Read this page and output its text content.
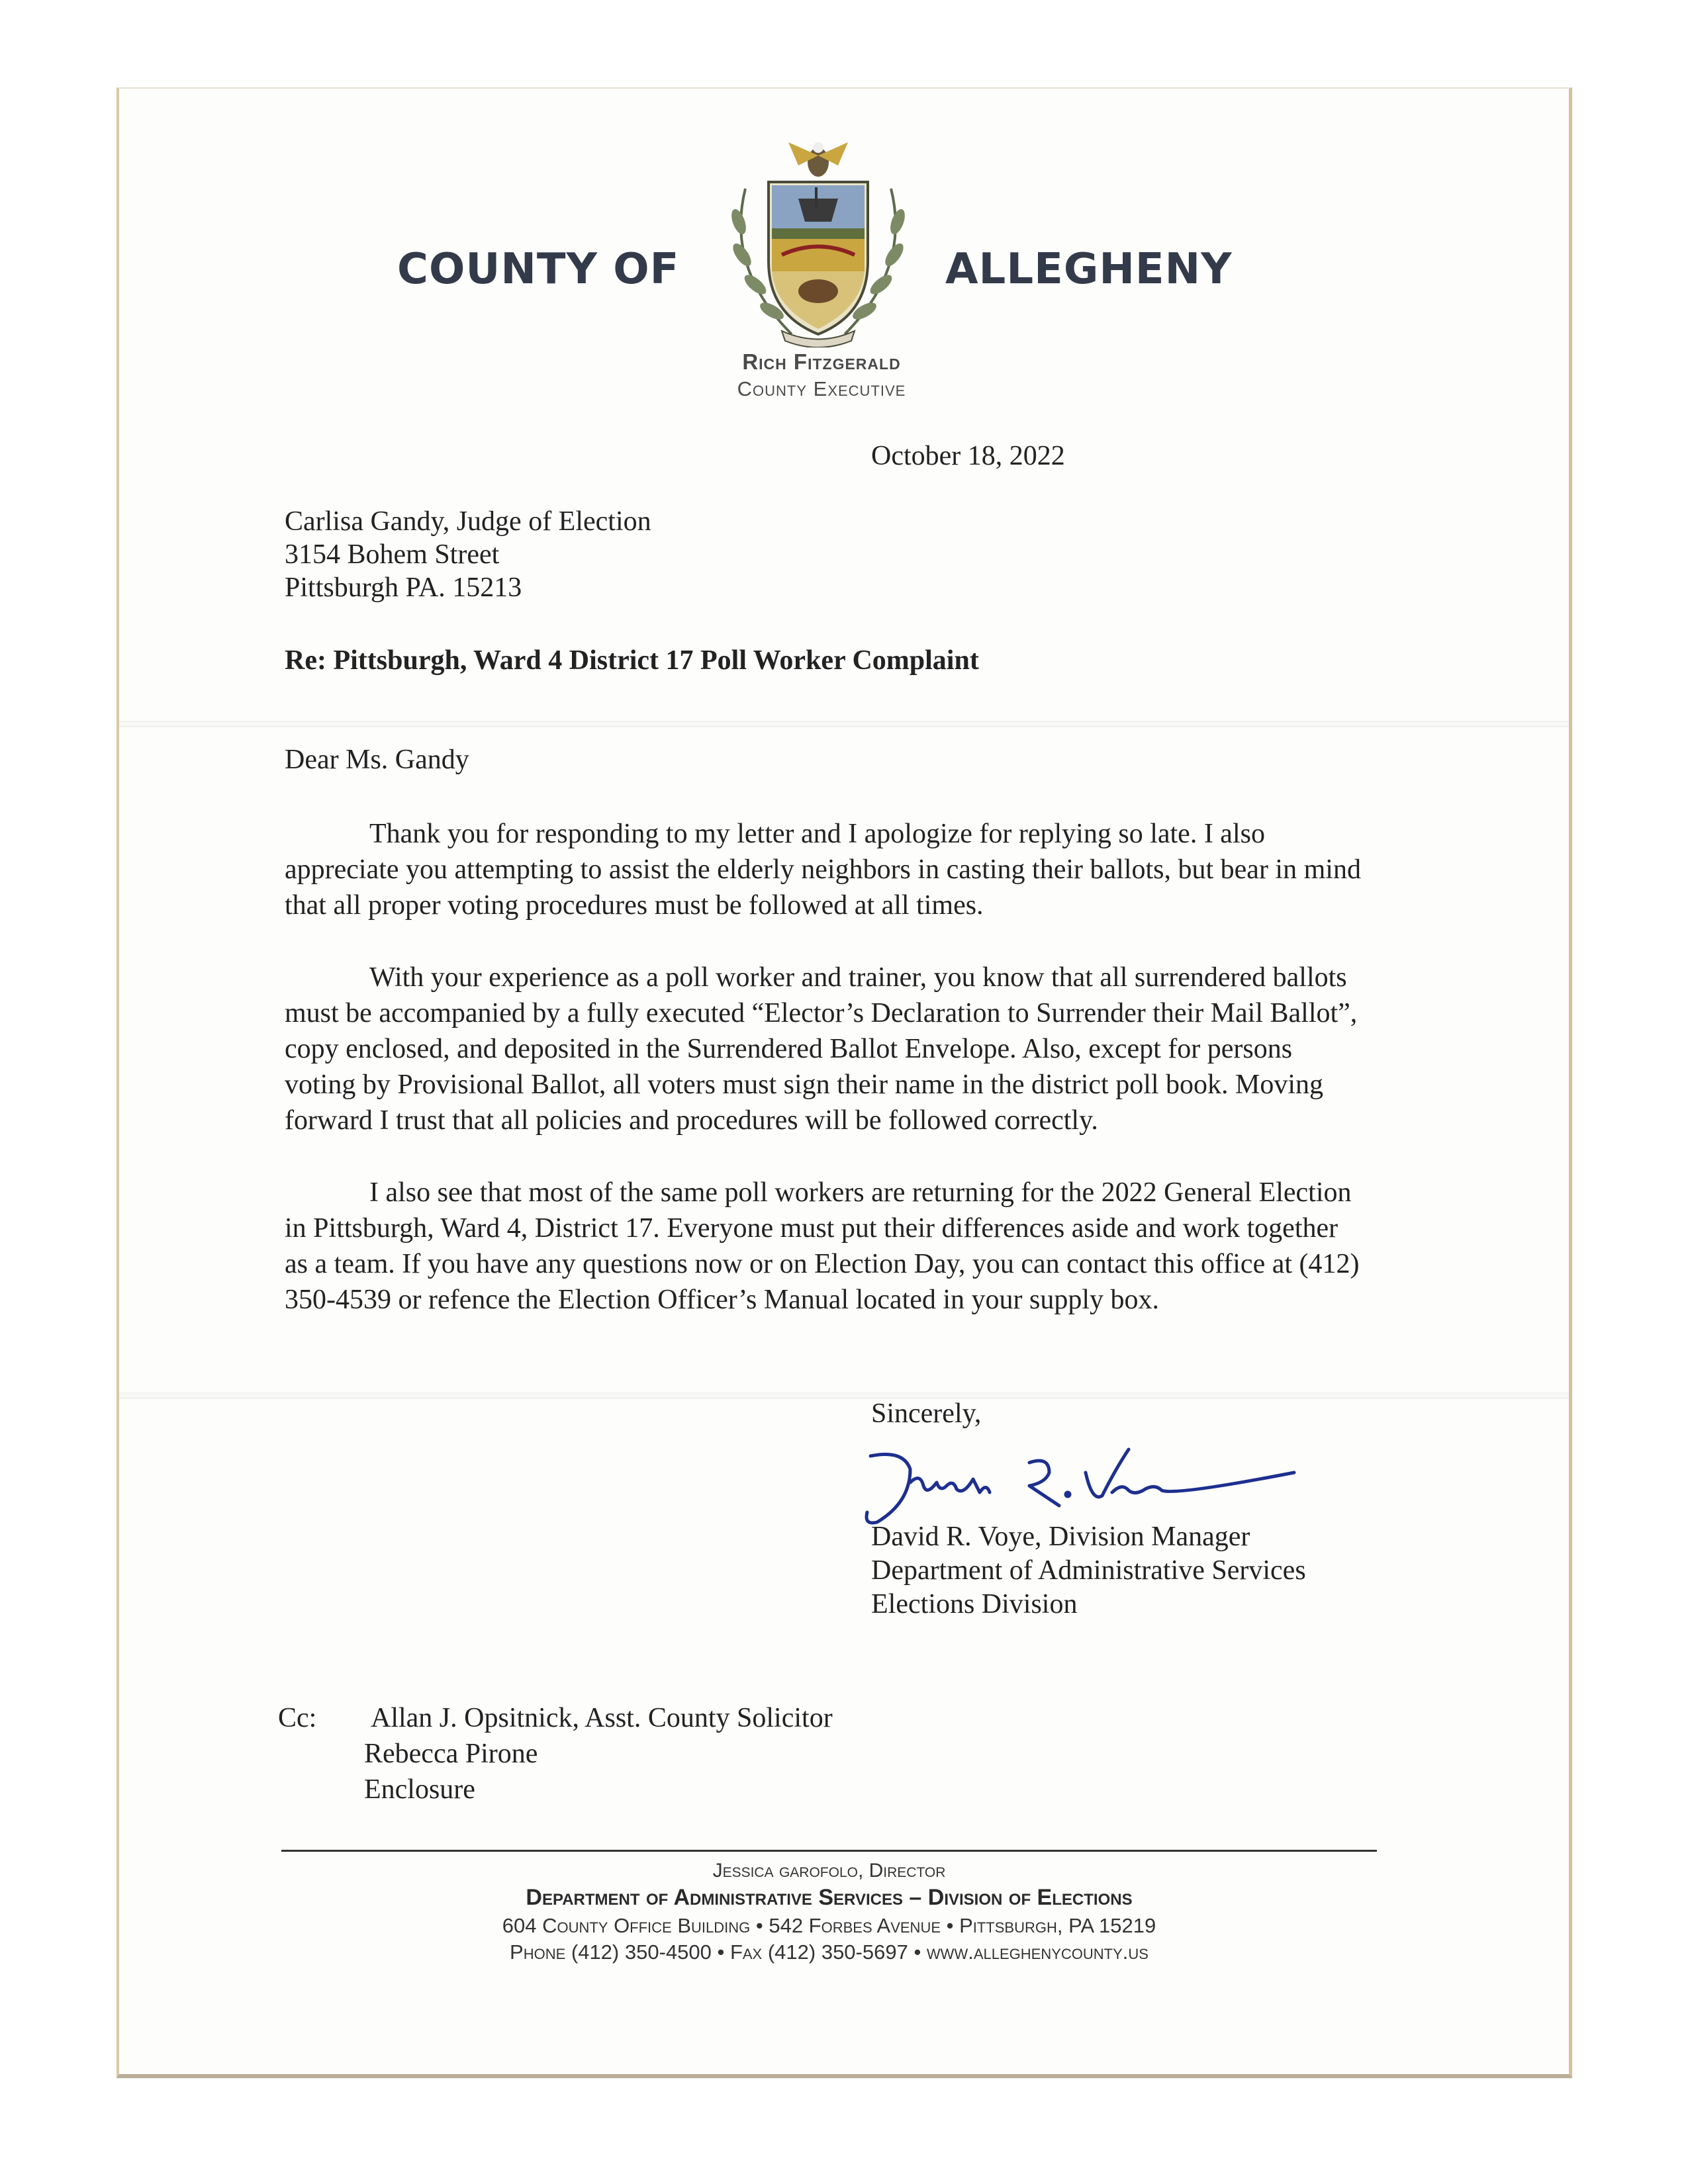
COUNTY OF	ALLEGHENY
Rich Fitzgerald
County Executive
October 18, 2022
Carlisa Gandy, Judge of Election
3154 Bohem Street
Pittsburgh PA. 15213
Re: Pittsburgh, Ward 4 District 17 Poll Worker Complaint
Dear Ms. Gandy
Thank you for responding to my letter and I apologize for replying so late. I also
appreciate you attempting to assist the elderly neighbors in casting their ballots, but bear in mind
that all proper voting procedures must be followed at all times.
With your experience as a poll worker and trainer, you know that all surrendered ballots
must be accompanied by a fully executed “Elector’s Declaration to Surrender their Mail Ballot”,
copy enclosed, and deposited in the Surrendered Ballot Envelope. Also, except for persons
voting by Provisional Ballot, all voters must sign their name in the district poll book. Moving
forward I trust that all policies and procedures will be followed correctly.
I also see that most of the same poll workers are returning for the 2022 General Election
in Pittsburgh, Ward 4, District 17. Everyone must put their differences aside and work together
as a team. If you have any questions now or on Election Day, you can contact this office at (412)
350-4539 or refence the Election Officer’s Manual located in your supply box.
Sincerely,
David R. Voye, Division Manager
Department of Administrative Services
Elections Division
Cc: Allan J. Opsitnick, Asst. County Solicitor
Rebecca Pirone
Enclosure
Jessica garofolo, Director
Department of Administrative Services – Division of Elections
604 County Office Building • 542 Forbes Avenue • Pittsburgh, PA 15219
Phone (412) 350-4500 • Fax (412) 350-5697 • www.alleghenycounty.us
